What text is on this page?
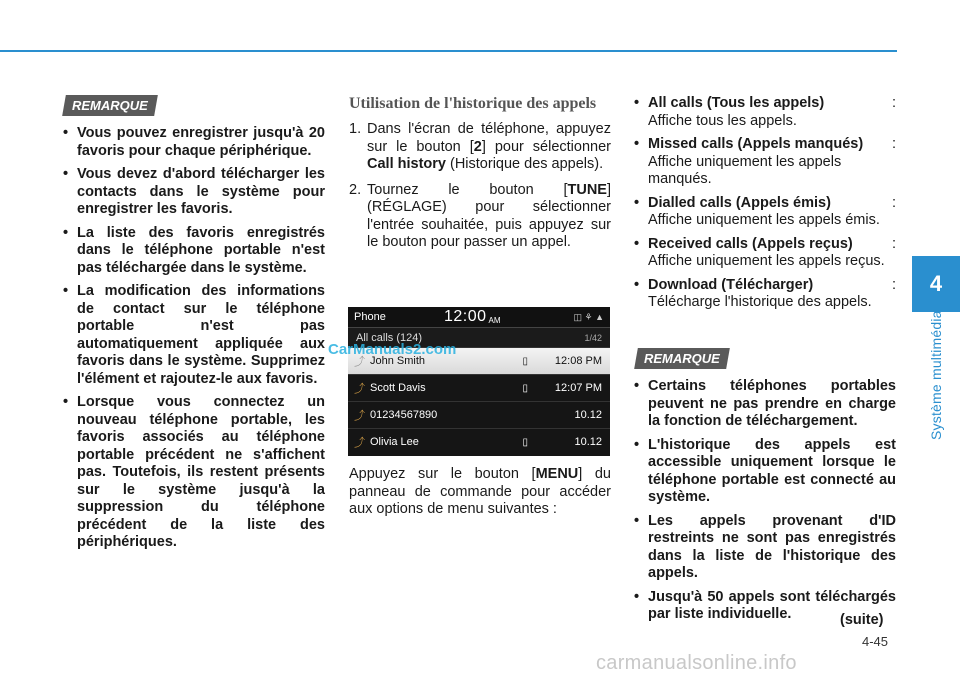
4
Système multimédia
REMARQUE
• Vous pouvez enregistrer jusqu'à 20 favoris pour chaque périphérique.
• Vous devez d'abord télécharger les contacts dans le système pour enregistrer les favoris.
• La liste des favoris enregistrés dans le téléphone portable n'est pas téléchargée dans le système.
• La modification des informations de contact sur le téléphone portable n'est pas automatiquement appliquée aux favoris dans le système. Supprimez l'élément et rajoutez-le aux favoris.
• Lorsque vous connectez un nouveau téléphone portable, les favoris associés au téléphone portable précédent ne s'affichent pas. Toutefois, ils restent présents sur le système jusqu'à la suppression du téléphone précédent de la liste des périphériques.
Utilisation de l'historique des appels
1. Dans l'écran de téléphone, appuyez sur le bouton [2] pour sélectionner Call history (Historique des appels).
2. Tournez le bouton [TUNE] (RÉGLAGE) pour sélectionner l'entrée souhaitée, puis appuyez sur le bouton pour passer un appel.
Phone	12:00 AM	◫ ⚘ ▲
All calls (124)	1/42
⤴ John Smith	▯	12:08 PM
⤴ Scott Davis	▯	12:07 PM
⤴ 01234567890	10.12
⤴ Olivia Lee	▯	10.12
CarManuals2.com
Appuyez sur le bouton [MENU] du panneau de commande pour accéder aux options de menu suivantes :
• All calls (Tous les appels)	:
Affiche tous les appels.
• Missed calls (Appels manqués) :
Affiche uniquement les appels manqués.
• Dialled calls (Appels émis)	:
Affiche uniquement les appels émis.
• Received calls (Appels reçus)	:
Affiche uniquement les appels reçus.
• Download (Télécharger)	:
Télécharge l'historique des appels.
REMARQUE
• Certains téléphones portables peuvent ne pas prendre en charge la fonction de téléchargement.
• L'historique des appels est accessible uniquement lorsque le téléphone portable est connecté au système.
• Les appels provenant d'ID restreints ne sont pas enregistrés dans la liste de l'historique des appels.
• Jusqu'à 50 appels sont téléchargés par liste individuelle.	(suite)
4-45
carmanualsonline.info
